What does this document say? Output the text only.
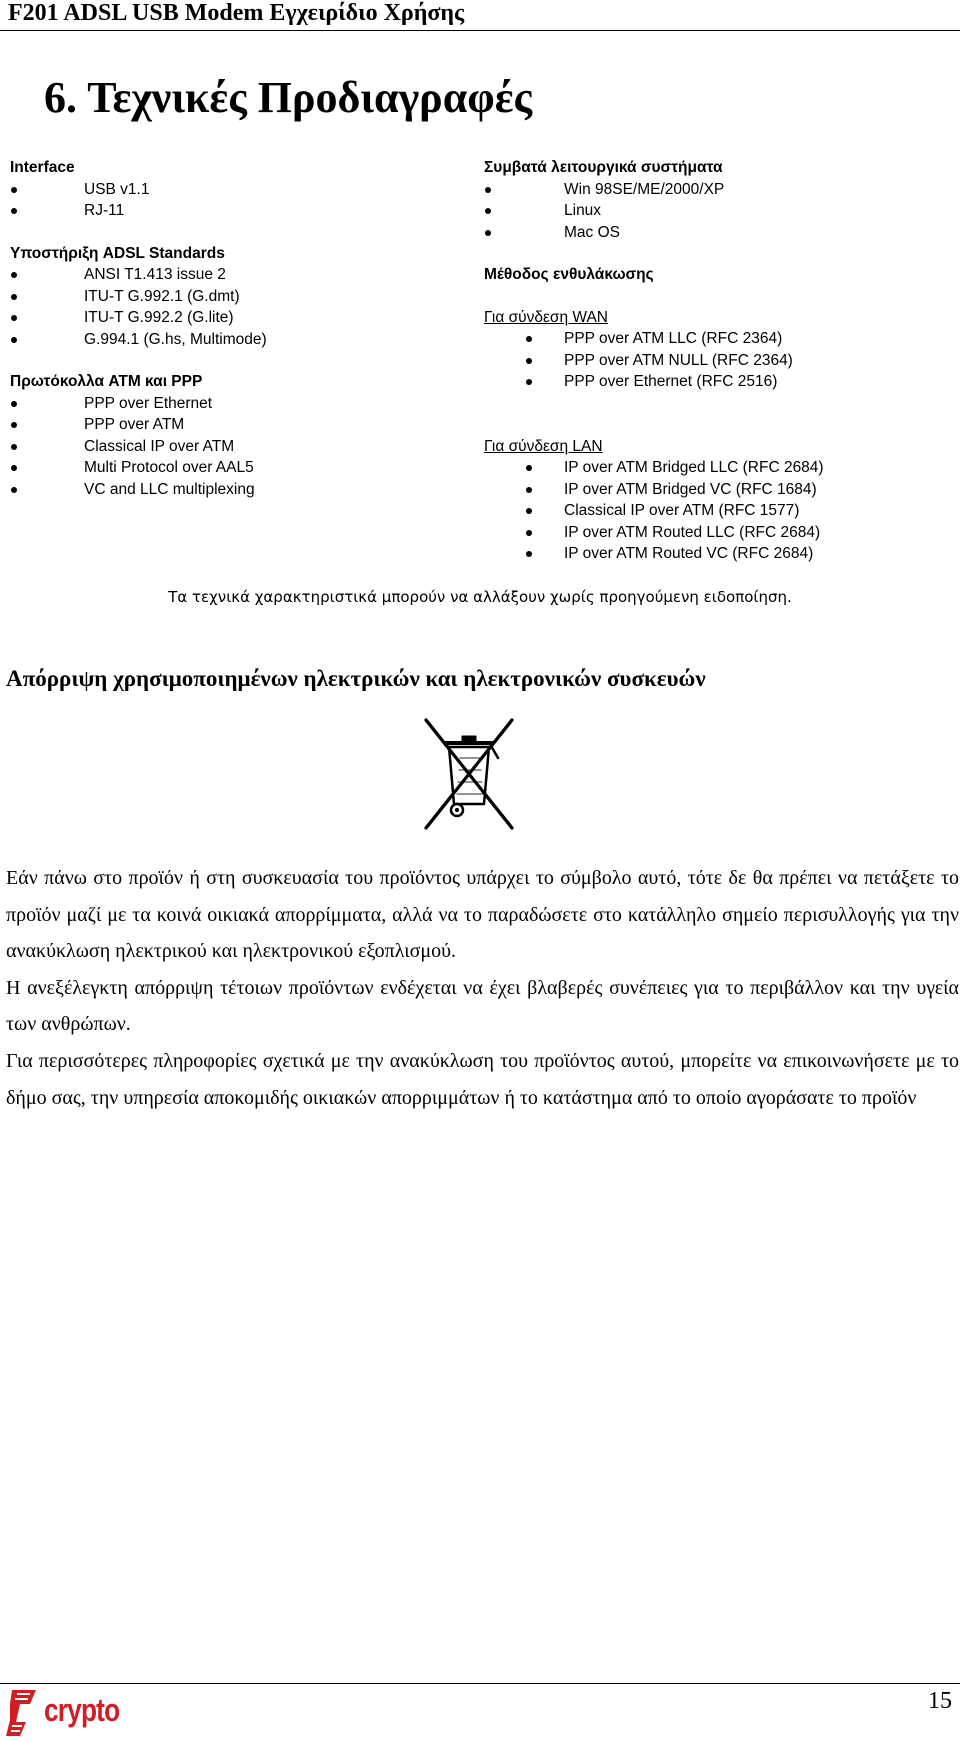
F201 ADSL USB Modem Εγχειρίδιο Χρήσης
6. Τεχνικές Προδιαγραφές
Interface
USB v1.1
RJ-11
Υποστήριξη ADSL Standards
ANSI T1.413 issue 2
ITU-T G.992.1 (G.dmt)
ITU-T G.992.2 (G.lite)
G.994.1 (G.hs, Multimode)
Πρωτόκολλα ATM και PPP
PPP over Ethernet
PPP over ATM
Classical IP over ATM
Multi Protocol over AAL5
VC and LLC multiplexing
Συμβατά λειτουργικά συστήματα
Win 98SE/ME/2000/XP
Linux
Mac OS
Μέθοδος ενθυλάκωσης
Για σύνδεση WAN
PPP over ATM LLC (RFC 2364)
PPP over ATM NULL (RFC 2364)
PPP over Ethernet (RFC 2516)
Για σύνδεση LAN
IP over ATM Bridged LLC (RFC 2684)
IP over ATM Bridged VC (RFC 1684)
Classical IP over ATM (RFC 1577)
IP over ATM Routed LLC (RFC 2684)
IP over ATM Routed VC (RFC 2684)
Τα τεχνικά χαρακτηριστικά μπορούν να αλλάξουν χωρίς προηγούμενη ειδοποίηση.
Απόρριψη χρησιμοποιημένων ηλεκτρικών και ηλεκτρονικών συσκευών

Εάν πάνω στο προϊόν ή στη συσκευασία του προϊόντος υπάρχει το σύμβολο αυτό, τότε δε θα πρέπει να πετάξετε το προϊόν μαζί με τα κοινά οικιακά απορρίμματα, αλλά να το παραδώσετε στο κατάλληλο σημείο περισυλλογής για την ανακύκλωση ηλεκτρικού και ηλεκτρονικού εξοπλισμού.

Η ανεξέλεγκτη απόρριψη τέτοιων προϊόντων ενδέχεται να έχει βλαβερές συνέπειες για το περιβάλλον και την υγεία των ανθρώπων.

Για περισσότερες πληροφορίες σχετικά με την ανακύκλωση του προϊόντος αυτού, μπορείτε να επικοινωνήσετε με το δήμο σας, την υπηρεσία αποκομιδής οικιακών απορριμμάτων ή το κατάστημα από το οποίο αγοράσατε το προϊόν

crypto	15
